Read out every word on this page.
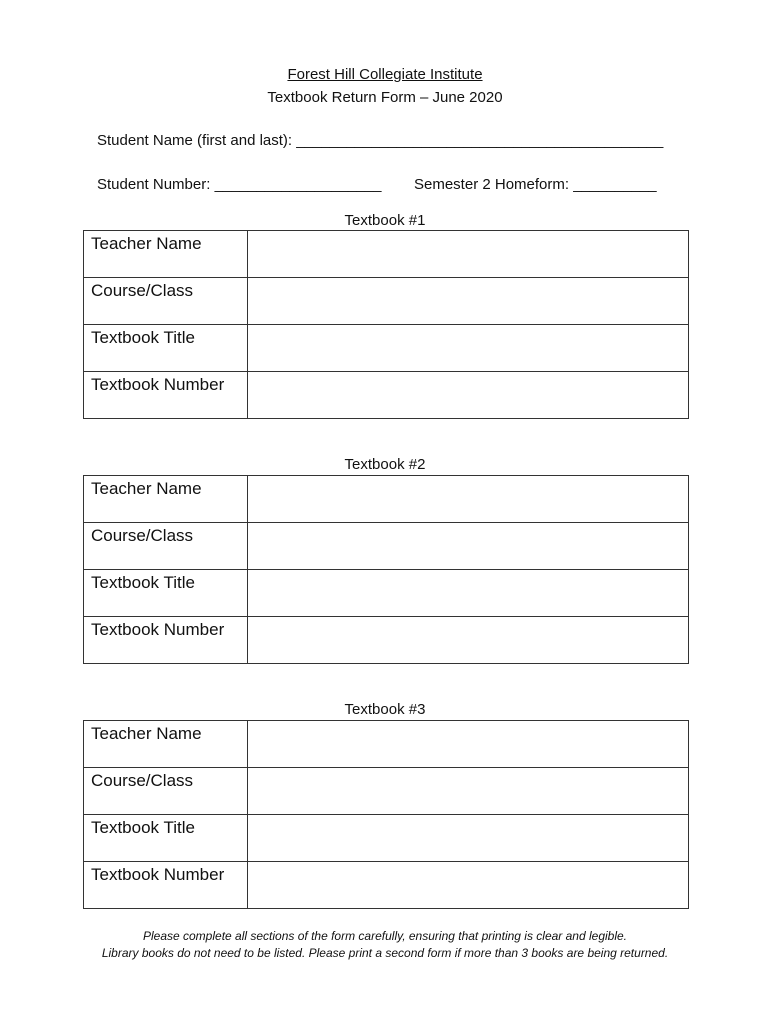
Forest Hill Collegiate Institute
Textbook Return Form – June 2020
Student Name (first and last): ____________________________________________
Student Number: ____________________ Semester 2 Homeform: __________
Textbook #1
Teacher Name	
Course/Class	
Textbook Title	
Textbook Number	
Textbook #2
Teacher Name	
Course/Class	
Textbook Title	
Textbook Number	
Textbook #3
Teacher Name	
Course/Class	
Textbook Title	
Textbook Number	
Please complete all sections of the form carefully, ensuring that printing is clear and legible.
Library books do not need to be listed. Please print a second form if more than 3 books are being returned.
